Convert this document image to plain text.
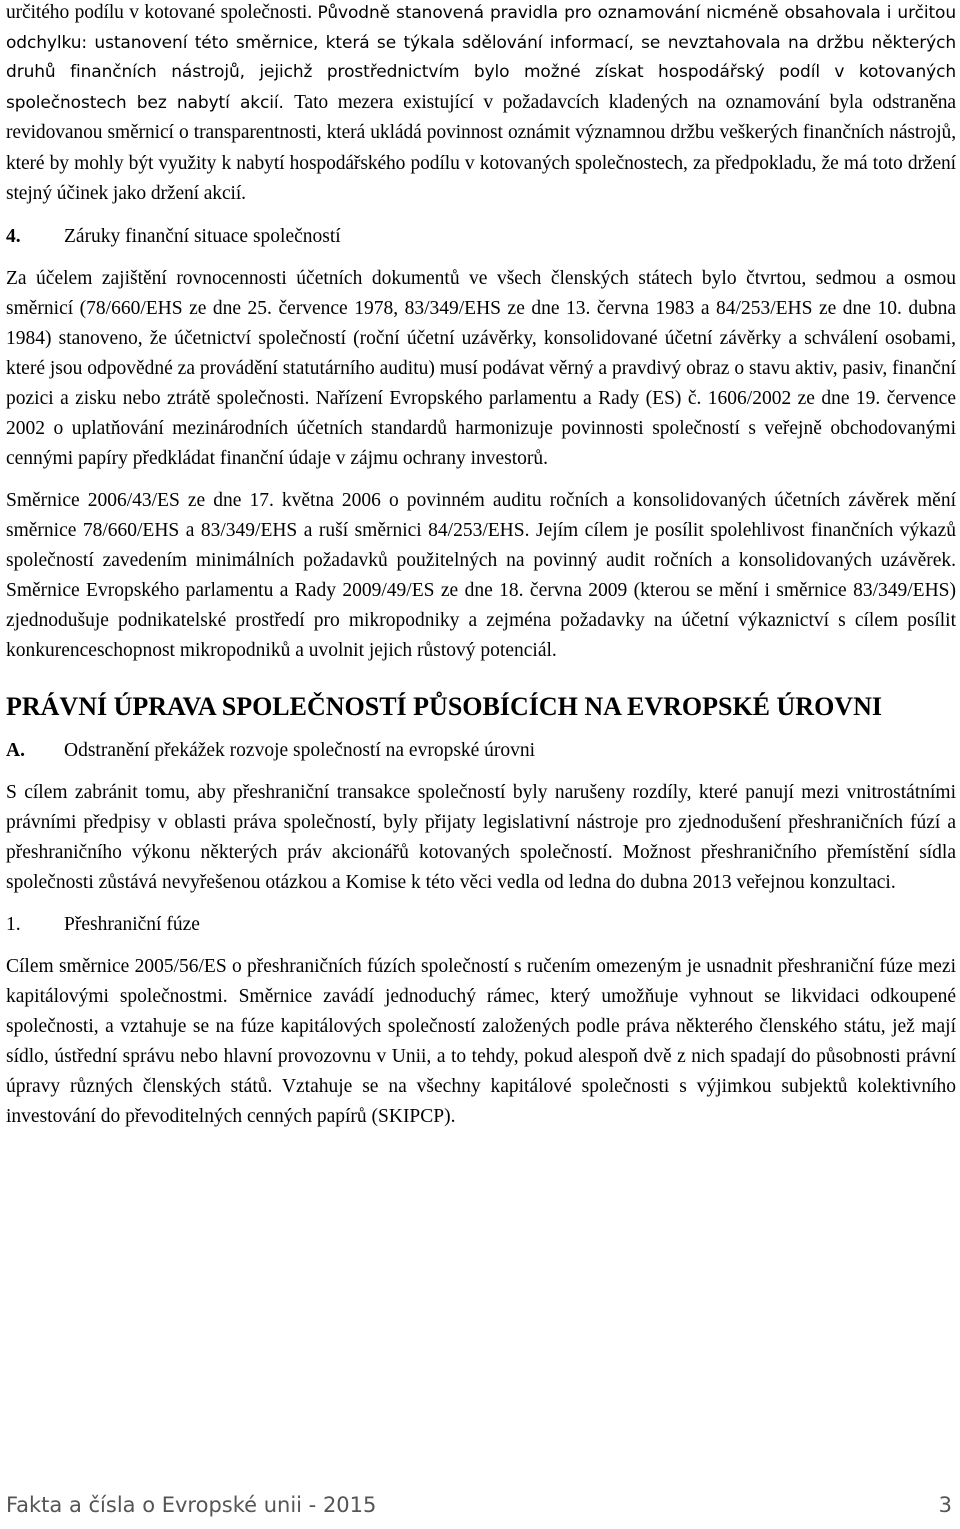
určitého podílu v kotované společnosti. Původně stanovená pravidla pro oznamování nicméně obsahovala i určitou odchylku: ustanovení této směrnice, která se týkala sdělování informací, se nevztahovala na držbu některých druhů finančních nástrojů, jejichž prostřednictvím bylo možné získat hospodářský podíl v kotovaných společnostech bez nabytí akcií. Tato mezera existující v požadavcích kladených na oznamování byla odstraněna revidovanou směrnicí o transparentnosti, která ukládá povinnost oznámit významnou držbu veškerých finančních nástrojů, které by mohly být využity k nabytí hospodářského podílu v kotovaných společnostech, za předpokladu, že má toto držení stejný účinek jako držení akcií.

4. Záruky finanční situace společností

Za účelem zajištění rovnocennosti účetních dokumentů ve všech členských státech bylo čtvrtou, sedmou a osmou směrnicí (78/660/EHS ze dne 25. července 1978, 83/349/EHS ze dne 13. června 1983 a 84/253/EHS ze dne 10. dubna 1984) stanoveno, že účetnictví společností (roční účetní uzávěrky, konsolidované účetní závěrky a schválení osobami, které jsou odpovědné za provádění statutárního auditu) musí podávat věrný a pravdivý obraz o stavu aktiv, pasiv, finanční pozici a zisku nebo ztrátě společnosti. Nařízení Evropského parlamentu a Rady (ES) č. 1606/2002 ze dne 19. července 2002 o uplatňování mezinárodních účetních standardů harmonizuje povinnosti společností s veřejně obchodovanými cennými papíry předkládat finanční údaje v zájmu ochrany investorů.

Směrnice 2006/43/ES ze dne 17. května 2006 o povinném auditu ročních a konsolidovaných účetních závěrek mění směrnice 78/660/EHS a 83/349/EHS a ruší směrnici 84/253/EHS. Jejím cílem je posílit spolehlivost finančních výkazů společností zavedením minimálních požadavků použitelných na povinný audit ročních a konsolidovaných uzávěrek. Směrnice Evropského parlamentu a Rady 2009/49/ES ze dne 18. června 2009 (kterou se mění i směrnice 83/349/EHS) zjednodušuje podnikatelské prostředí pro mikropodniky a zejména požadavky na účetní výkaznictví s cílem posílit konkurenceschopnost mikropodniků a uvolnit jejich růstový potenciál.

PRÁVNÍ ÚPRAVA SPOLEČNOSTÍ PŮSOBÍCÍCH NA EVROPSKÉ ÚROVNI
A. Odstranění překážek rozvoje společností na evropské úrovni

S cílem zabránit tomu, aby přeshraniční transakce společností byly narušeny rozdíly, které panují mezi vnitrostátními právními předpisy v oblasti práva společností, byly přijaty legislativní nástroje pro zjednodušení přeshraničních fúzí a přeshraničního výkonu některých práv akcionářů kotovaných společností. Možnost přeshraničního přemístění sídla společnosti zůstává nevyřešenou otázkou a Komise k této věci vedla od ledna do dubna 2013 veřejnou konzultaci.

1. Přeshraniční fúze

Cílem směrnice 2005/56/ES o přeshraničních fúzích společností s ručením omezeným je usnadnit přeshraniční fúze mezi kapitálovými společnostmi. Směrnice zavádí jednoduchý rámec, který umožňuje vyhnout se likvidaci odkoupené společnosti, a vztahuje se na fúze kapitálových společností založených podle práva některého členského státu, jež mají sídlo, ústřední správu nebo hlavní provozovnu v Unii, a to tehdy, pokud alespoň dvě z nich spadají do působnosti právní úpravy různých členských států. Vztahuje se na všechny kapitálové společnosti s výjimkou subjektů kolektivního investování do převoditelných cenných papírů (SKIPCP).

Fakta a čísla o Evropské unii - 2015	3
